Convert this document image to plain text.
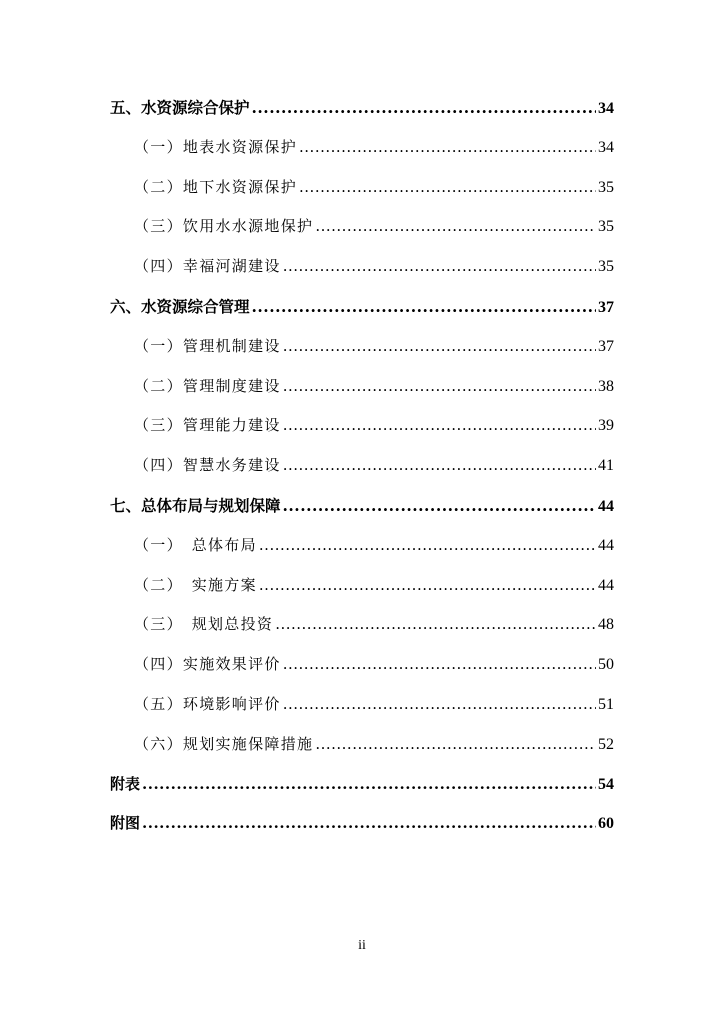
五、水资源综合保护 .....	34
（一）地表水资源保护 .....	34
（二）地下水资源保护 .....	35
（三）饮用水水源地保护 .....	35
（四）幸福河湖建设 .....	35
六、水资源综合管理 .....	37
（一）管理机制建设 .....	37
（二）管理制度建设 .....	38
（三）管理能力建设 .....	39
（四）智慧水务建设 .....	41
七、总体布局与规划保障 .....	44
（一）　总体布局 .....	44
（二）　实施方案 .....	44
（三）　规划总投资 .....	48
（四）实施效果评价 .....	50
（五）环境影响评价 .....	51
（六）规划实施保障措施 .....	52
附表 .....	54
附图 .....	60
ii
